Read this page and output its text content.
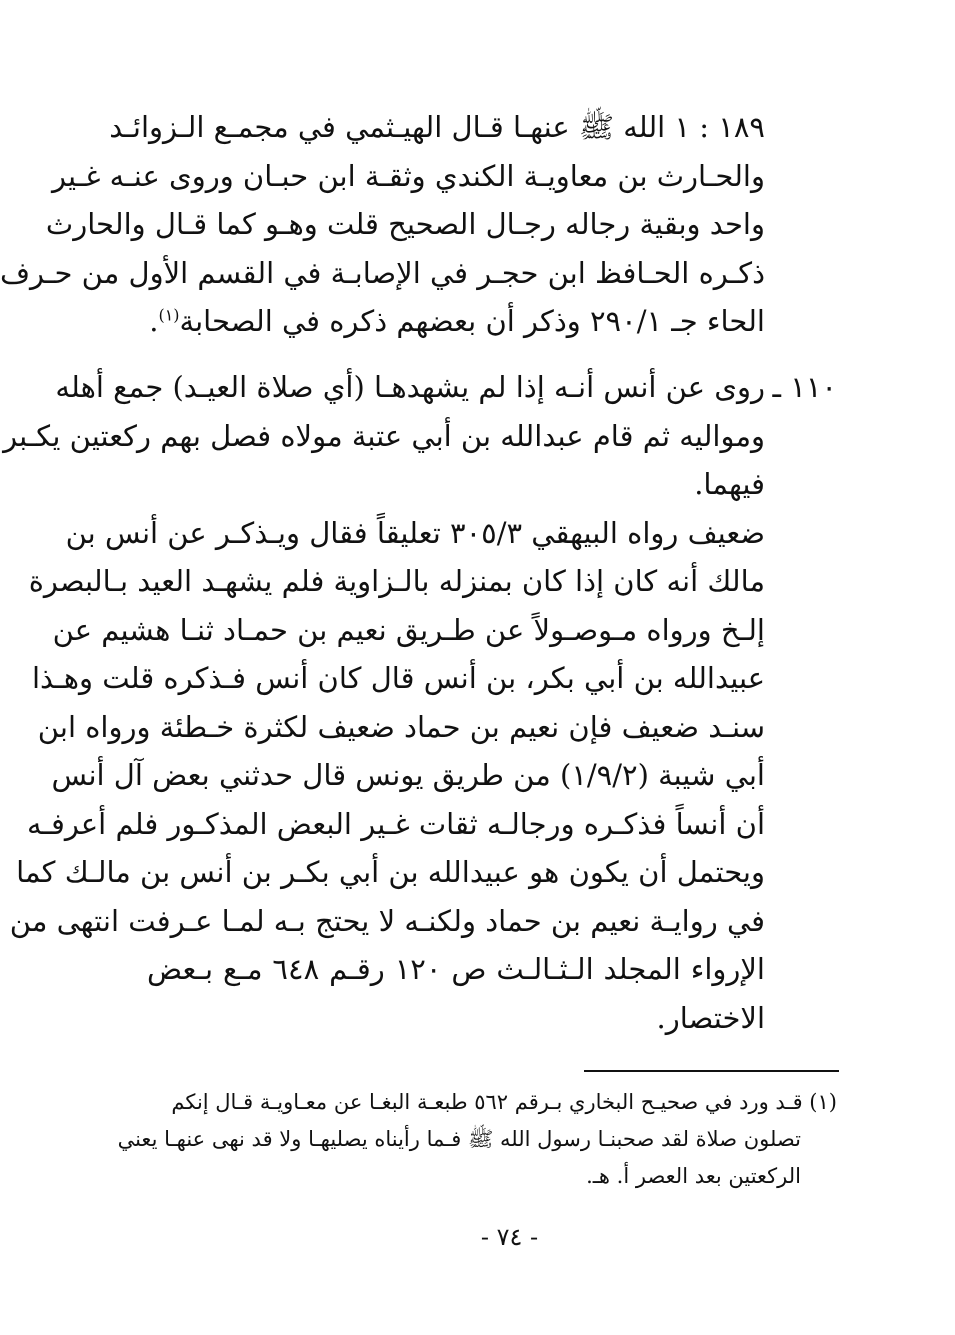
١٨٩ : ١ الله ﷺ عنهـا قـال الهيـثمي في مجمـع الـزوائـد
والحـارث بن معاويـة الكندي وثقـة ابن حبـان وروى عنـه غـير
واحد وبقية رجاله رجـال الصحيح قلت وهـو كما قـال والحارث
ذكـره الحـافظ ابن حجـر في الإصابـة في القسم الأول من حـرف
الحاء جـ ٢٩٠/١ وذكر أن بعضهم ذكره في الصحابة$^{(١)}$.
١١٠ ـ
روى عن أنس أنـه إذا لم يشهدهـا (أي صلاة العيـد) جمع أهله
ومواليه ثم قام عبدالله بن أبي عتبة مولاه فصل بهم ركعتين يكـبر
فيهما.
ضعيف رواه البيهقي ٣٠٥/٣ تعليقاً فقال ويـذكـر عن أنس بن
مالك أنه كان إذا كان بمنزله بالـزاوية فلم يشهـد العيد بـالبصرة
إلـخ ورواه مـوصـولاً عن طـريق نعيم بن حمـاد ثنـا هشيم عن
عبيدالله بن أبي بكر، بن أنس قال كان أنس فـذكره قلت وهـذا
سنـد ضعيف فإن نعيم بن حماد ضعيف لكثرة خـطئة ورواه ابن
أبي شيبة (١/٩/٢) من طريق يونس قال حدثني بعض آل أنس
أن أنساً فذكـره ورجالـه ثقات غـير البعض المذكـور فلم أعرفـه
ويحتمل أن يكون هو عبيدالله بن أبي بكـر بن أنس بن مالـك كما
في روايـة نعيم بن حماد ولكنـه لا يحتج بـه لمـا عـرفت انتهى من
الإرواء المجلد الـثـالـث ص ١٢٠ رقـم ٦٤٨ مـع بـعض
الاختصار.
(١) قـد ورد في صحيـح البخاري بـرقم ٥٦٢ طبعـة البغـا عن معـاويـة قـال إنكم
تصلون صلاة لقد صحبنـا رسول الله ﷺ فـما رأيناه يصليهـا ولا قد نهى عنهـا يعني
الركعتين بعد العصر أ. هـ.
- ٧٤ -
